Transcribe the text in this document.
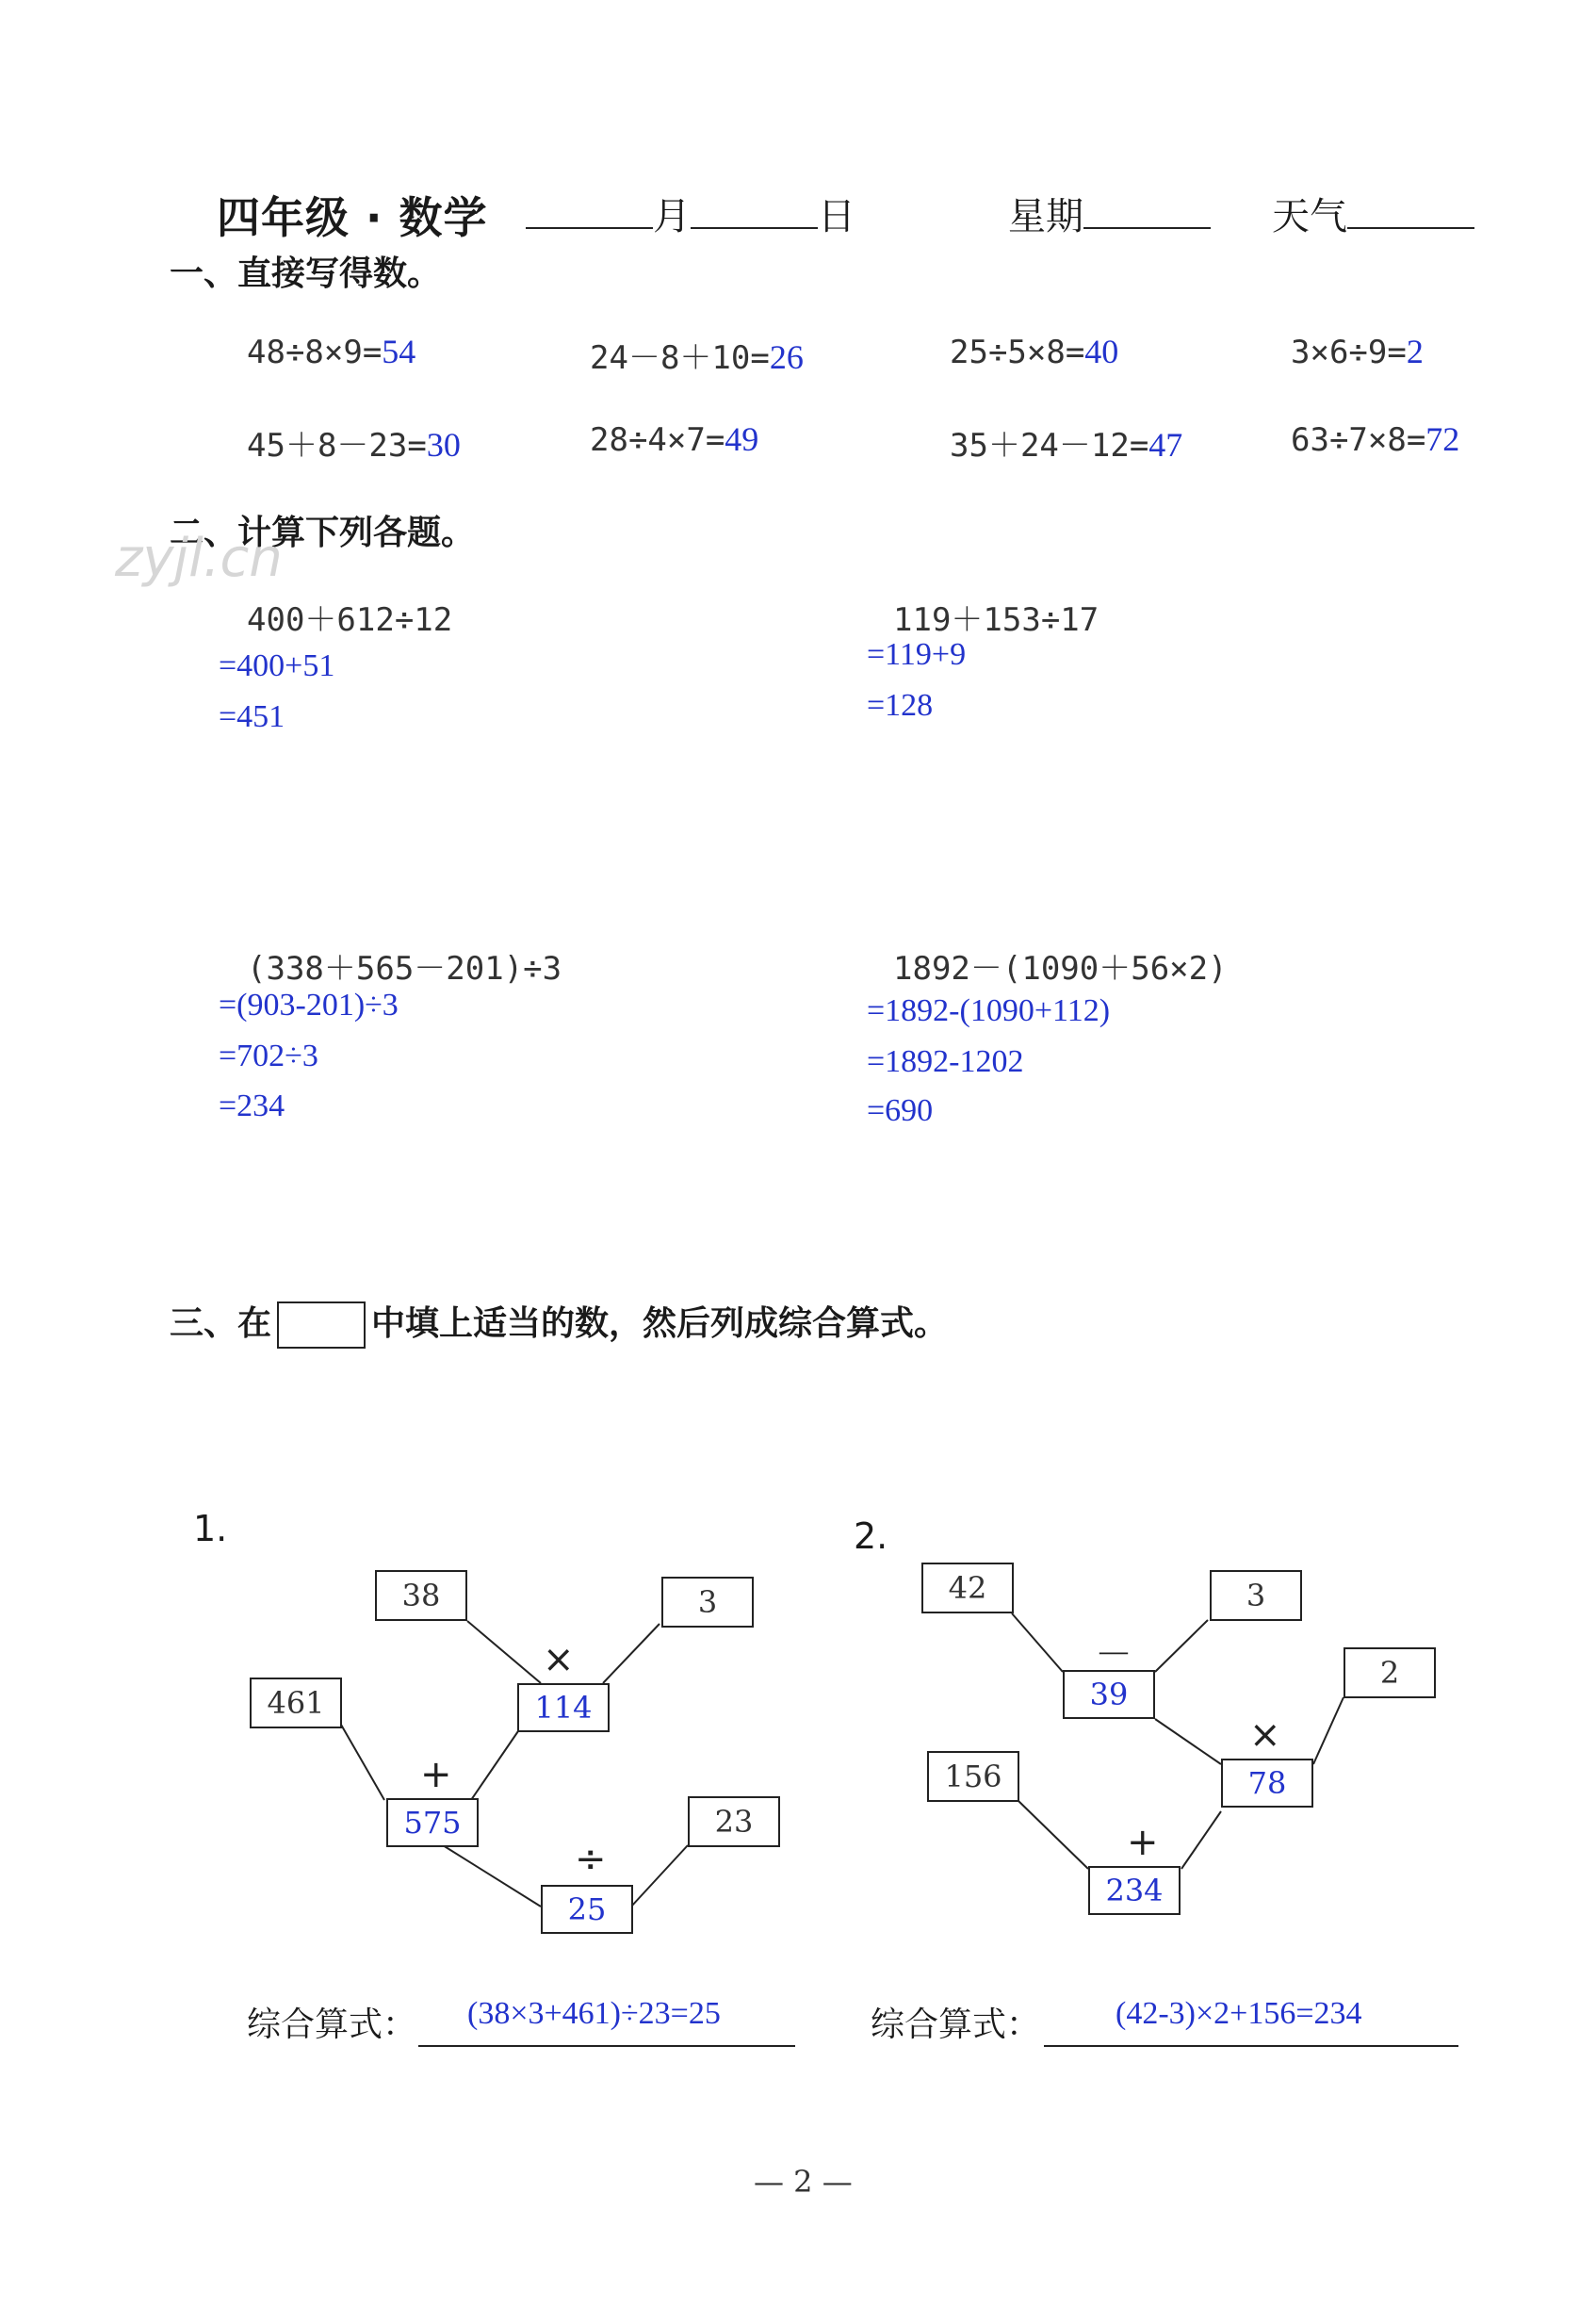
四年级 · 数学	月	日	星期	天气
一、直接写得数。
48÷8×9=54	24－8＋10=26	25÷5×8=40	3×6÷9=2
45＋8－23=30	28÷4×7=49	35＋24－12=47	63÷7×8=72
二、计算下列各题。
zyjl.cn
400＋612÷12
=400+51
=451
119＋153÷17
=119+9
=128
(338＋565－201)÷3
=(903-201)÷3
=702÷3
=234
1892－(1090＋56×2)
=1892-(1090+112)
=1892-1202
=690
三、在	中填上适当的数，然后列成综合算式。
1.
38	3
461
23
114
575
25
×
+
÷
综合算式： (38×3+461)÷23=25
2.
42	3
2
156
39
78
234
－
×
+
综合算式： (42-3)×2+156=234
— 2 —
